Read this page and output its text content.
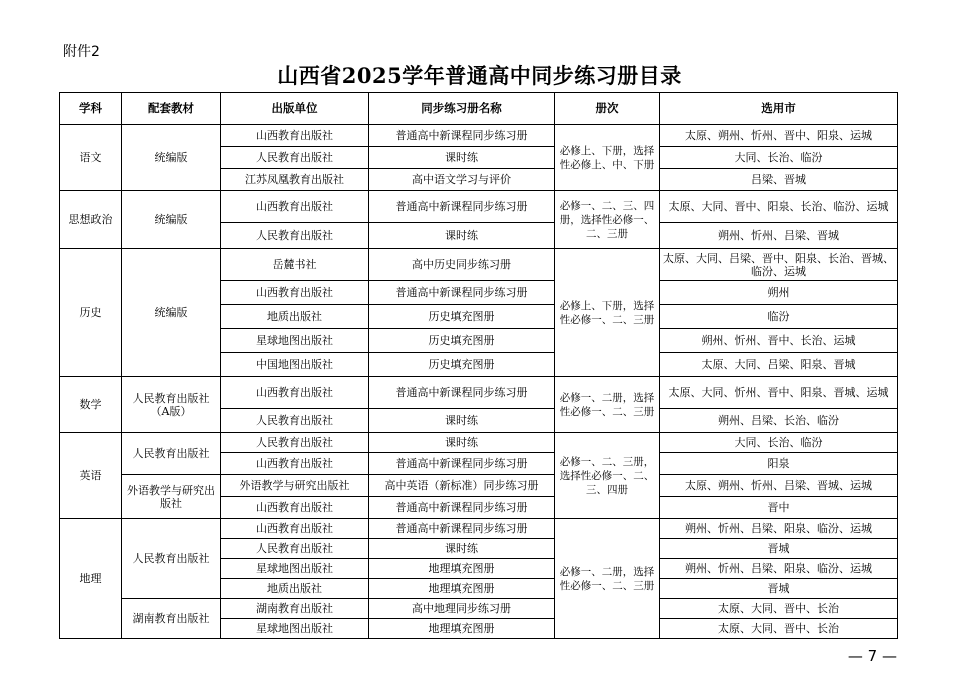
附件2
山西省2025学年普通高中同步练习册目录
学科	配套教材	出版单位	同步练习册名称	册次	选用市
语文	统编版	山西教育出版社	普通高中新课程同步练习册	必修上、下册，选择性必修上、中、下册	太原、朔州、忻州、晋中、阳泉、运城
		人民教育出版社	课时练		大同、长治、临汾
		江苏凤凰教育出版社	高中语文学习与评价		吕梁、晋城
思想政治	统编版	山西教育出版社	普通高中新课程同步练习册	必修一、二、三、四册，选择性必修一、二、三册	太原、大同、晋中、阳泉、长治、临汾、运城
		人民教育出版社	课时练		朔州、忻州、吕梁、晋城
历史	统编版	岳麓书社	高中历史同步练习册	必修上、下册，选择性必修一、二、三册	太原、大同、吕梁、晋中、阳泉、长治、晋城、临汾、运城
		山西教育出版社	普通高中新课程同步练习册		朔州
		地质出版社	历史填充图册		临汾
		星球地图出版社	历史填充图册		朔州、忻州、晋中、长治、运城
		中国地图出版社	历史填充图册		太原、大同、吕梁、阳泉、晋城
数学	人民教育出版社（A版）	山西教育出版社	普通高中新课程同步练习册	必修一、二册，选择性必修一、二、三册	太原、大同、忻州、晋中、阳泉、晋城、运城
		人民教育出版社	课时练		朔州、吕梁、长治、临汾
英语	人民教育出版社	人民教育出版社	课时练	必修一、二、三册，选择性必修一、二、三、四册	大同、长治、临汾
		山西教育出版社	普通高中新课程同步练习册		阳泉
	外语教学与研究出版社	外语教学与研究出版社	高中英语（新标准）同步练习册		太原、朔州、忻州、吕梁、晋城、运城
		山西教育出版社	普通高中新课程同步练习册		晋中
地理	人民教育出版社	山西教育出版社	普通高中新课程同步练习册	必修一、二册，选择性必修一、二、三册	朔州、忻州、吕梁、阳泉、临汾、运城
		人民教育出版社	课时练		晋城
		星球地图出版社	地理填充图册		朔州、忻州、吕梁、阳泉、临汾、运城
		地质出版社	地理填充图册		晋城
	湖南教育出版社	湖南教育出版社	高中地理同步练习册		太原、大同、晋中、长治
		星球地图出版社	地理填充图册		太原、大同、晋中、长治
— 7 —
